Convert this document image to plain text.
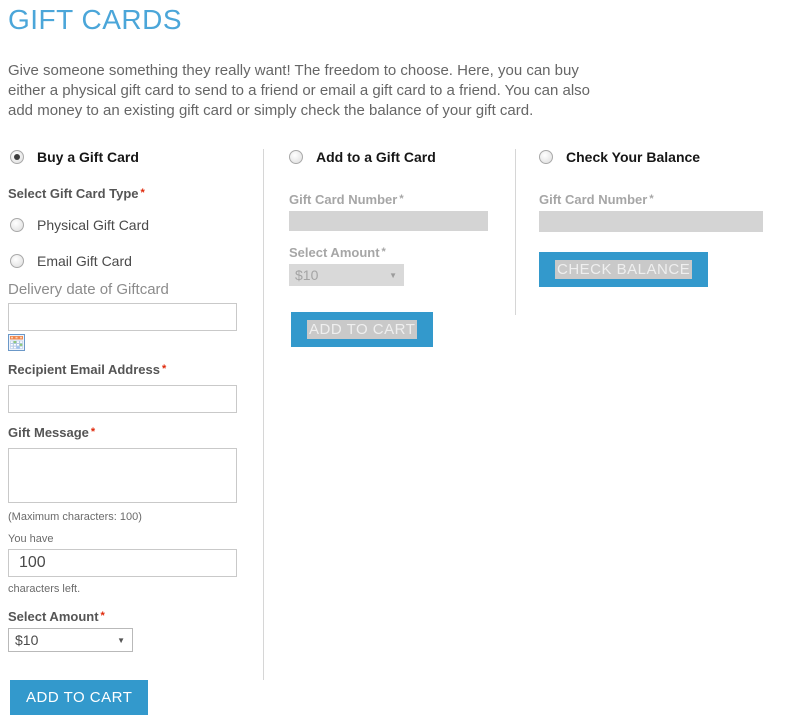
GIFT CARDS

Give someone something they really want! The freedom to choose. Here, you can buy either a physical gift card to send to a friend or email a gift card to a friend. You can also add money to an existing gift card or simply check the balance of your gift card.

Buy a Gift Card
Select Gift Card Type *
Physical Gift Card
Email Gift Card
Delivery date of Giftcard
Recipient Email Address *
Gift Message *
(Maximum characters: 100)
You have
100
characters left.
Select Amount *
$10	▼
ADD TO CART
Add to a Gift Card
Gift Card Number *
Select Amount *
$10	▼
ADD TO CART
Check Your Balance
Gift Card Number *
CHECK BALANCE
